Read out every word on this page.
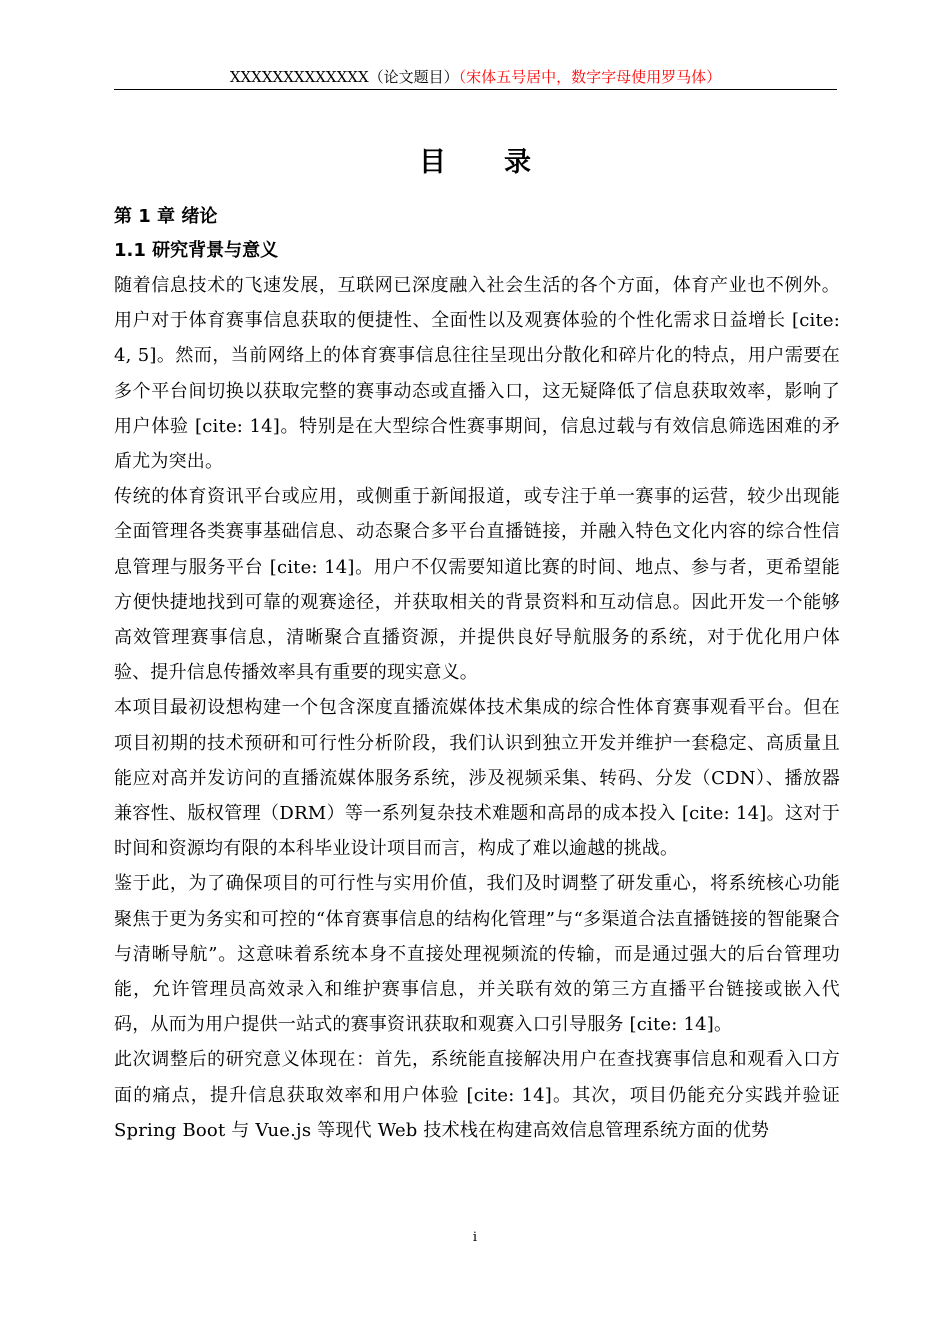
XXXXXXXXXXXXX（论文题目）（宋体五号居中，数字字母使用罗马体）
目 录
第 1 章 绪论
1.1 研究背景与意义

随着信息技术的飞速发展，互联网已深度融入社会生活的各个方面，体育产业也不例外。用户对于体育赛事信息获取的便捷性、全面性以及观赛体验的个性化需求日益增长 [cite: 4, 5]。然而，当前网络上的体育赛事信息往往呈现出分散化和碎片化的特点，用户需要在多个平台间切换以获取完整的赛事动态或直播入口，这无疑降低了信息获取效率，影响了用户体验 [cite: 14]。特别是在大型综合性赛事期间，信息过载与有效信息筛选困难的矛盾尤为突出。

传统的体育资讯平台或应用，或侧重于新闻报道，或专注于单一赛事的运营，较少出现能全面管理各类赛事基础信息、动态聚合多平台直播链接，并融入特色文化内容的综合性信息管理与服务平台 [cite: 14]。用户不仅需要知道比赛的时间、地点、参与者，更希望能方便快捷地找到可靠的观赛途径，并获取相关的背景资料和互动信息。因此开发一个能够高效管理赛事信息，清晰聚合直播资源，并提供良好导航服务的系统，对于优化用户体验、提升信息传播效率具有重要的现实意义。

本项目最初设想构建一个包含深度直播流媒体技术集成的综合性体育赛事观看平台。但在项目初期的技术预研和可行性分析阶段，我们认识到独立开发并维护一套稳定、高质量且能应对高并发访问的直播流媒体服务系统，涉及视频采集、转码、分发（CDN）、播放器兼容性、版权管理（DRM）等一系列复杂技术难题和高昂的成本投入 [cite: 14]。这对于时间和资源均有限的本科毕业设计项目而言，构成了难以逾越的挑战。

鉴于此，为了确保项目的可行性与实用价值，我们及时调整了研发重心，将系统核心功能聚焦于更为务实和可控的“体育赛事信息的结构化管理”与“多渠道合法直播链接的智能聚合与清晰导航”。这意味着系统本身不直接处理视频流的传输，而是通过强大的后台管理功能，允许管理员高效录入和维护赛事信息，并关联有效的第三方直播平台链接或嵌入代码，从而为用户提供一站式的赛事资讯获取和观赛入口引导服务 [cite: 14]。

此次调整后的研究意义体现在：首先，系统能直接解决用户在查找赛事信息和观看入口方面的痛点，提升信息获取效率和用户体验 [cite: 14]。其次，项目仍能充分实践并验证 Spring Boot 与 Vue.js 等现代 Web 技术栈在构建高效信息管理系统方面的优势

i
